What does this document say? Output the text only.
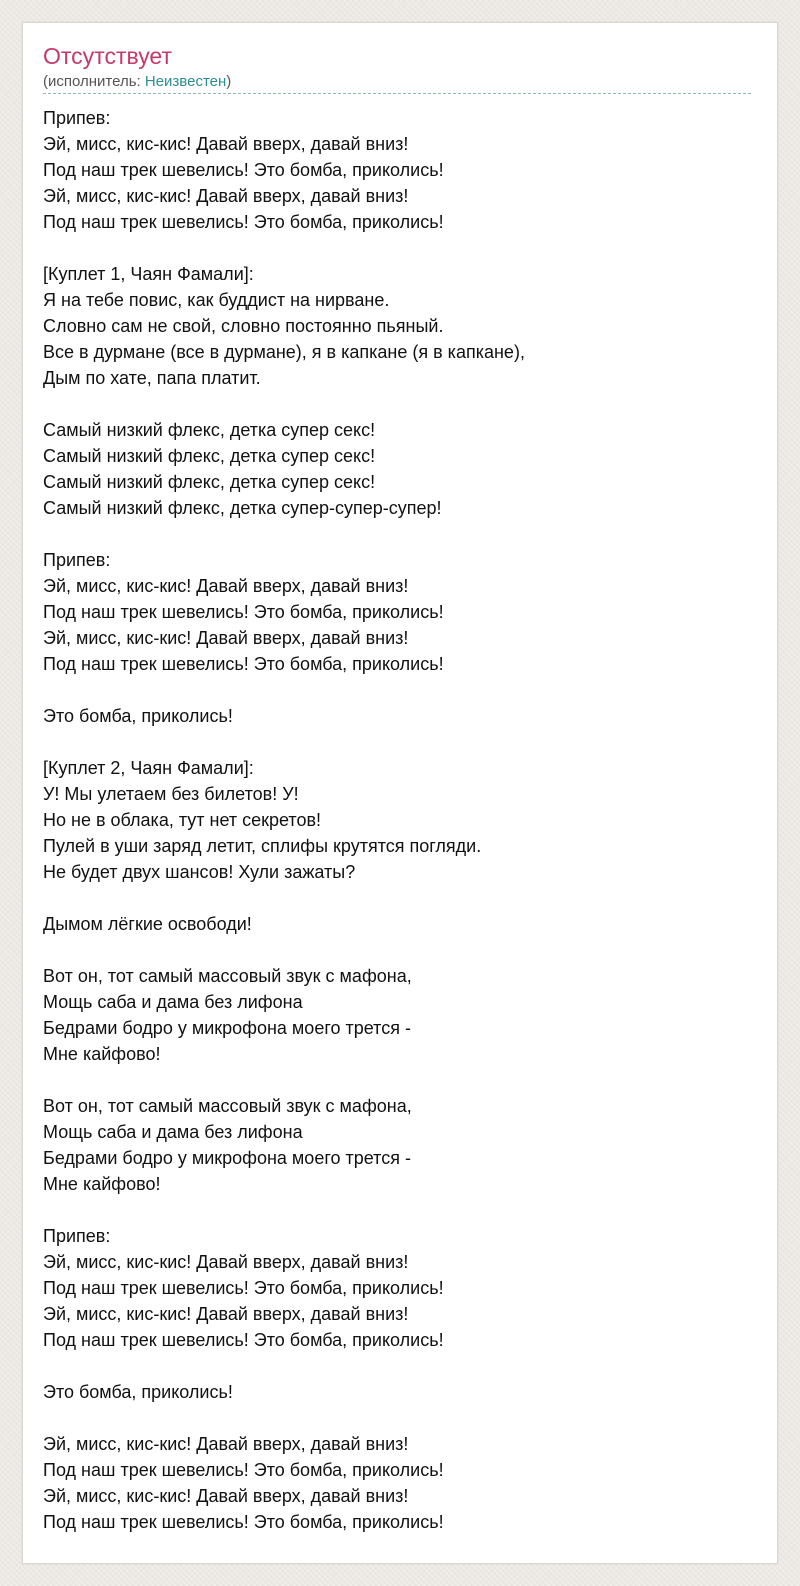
Отсутствует
(исполнитель: Неизвестен)
Припев:
Эй, мисс, кис-кис! Давай вверх, давай вниз!
Под наш трек шевелись! Это бомба, приколись!
Эй, мисс, кис-кис! Давай вверх, давай вниз!
Под наш трек шевелись! Это бомба, приколись!
[Куплет 1, Чаян Фамали]:
Я на тебе повис, как буддист на нирване.
Словно сам не свой, словно постоянно пьяный.
Все в дурмане (все в дурмане), я в капкане (я в капкане),
Дым по хате, папа платит.
Самый низкий флекс, детка супер секс!
Самый низкий флекс, детка супер секс!
Самый низкий флекс, детка супер секс!
Самый низкий флекс, детка супер-супер-супер!
Припев:
Эй, мисс, кис-кис! Давай вверх, давай вниз!
Под наш трек шевелись! Это бомба, приколись!
Эй, мисс, кис-кис! Давай вверх, давай вниз!
Под наш трек шевелись! Это бомба, приколись!
Это бомба, приколись!
[Куплет 2, Чаян Фамали]:
У! Мы улетаем без билетов! У!
Но не в облака, тут нет секретов!
Пулей в уши заряд летит, сплифы крутятся погляди.
Не будет двух шансов! Хули зажаты?
Дымом лёгкие освободи!
Вот он, тот самый массовый звук с мафона,
Мощь саба и дама без лифона
Бедрами бодро у микрофона моего трется -
Мне кайфово!
Вот он, тот самый массовый звук с мафона,
Мощь саба и дама без лифона
Бедрами бодро у микрофона моего трется -
Мне кайфово!
Припев:
Эй, мисс, кис-кис! Давай вверх, давай вниз!
Под наш трек шевелись! Это бомба, приколись!
Эй, мисс, кис-кис! Давай вверх, давай вниз!
Под наш трек шевелись! Это бомба, приколись!
Это бомба, приколись!
Эй, мисс, кис-кис! Давай вверх, давай вниз!
Под наш трек шевелись! Это бомба, приколись!
Эй, мисс, кис-кис! Давай вверх, давай вниз!
Под наш трек шевелись! Это бомба, приколись!
